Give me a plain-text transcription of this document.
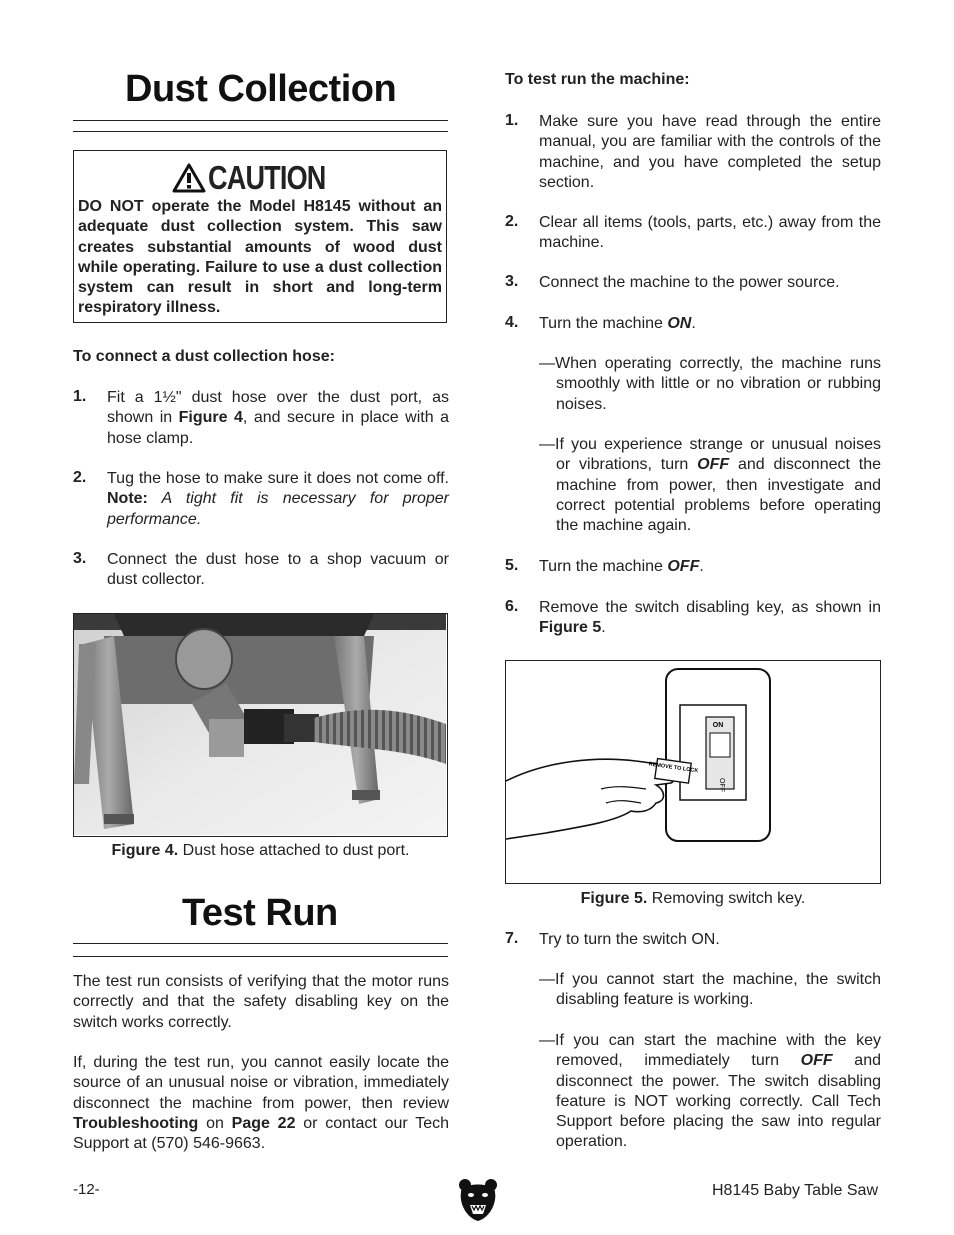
Dust Collection
CAUTION
DO NOT operate the Model H8145 without an adequate dust collection system. This saw creates substantial amounts of wood dust while operating. Failure to use a dust collection system can result in short and long-term respiratory illness.
To connect a dust collection hose:
1. Fit a 1½" dust hose over the dust port, as shown in Figure 4, and secure in place with a hose clamp.
2. Tug the hose to make sure it does not come off. Note: A tight fit is necessary for proper performance.
3. Connect the dust hose to a shop vacuum or dust collector.
Figure 4. Dust hose attached to dust port.
Test Run
The test run consists of verifying that the motor runs correctly and that the safety disabling key on the switch works correctly.
If, during the test run, you cannot easily locate the source of an unusual noise or vibration, immediately disconnect the machine from power, then review Troubleshooting on Page 22 or contact our Tech Support at (570) 546-9663.
-12-
To test run the machine:
1. Make sure you have read through the entire manual, you are familiar with the controls of the machine, and you have completed the setup section.
2. Clear all items (tools, parts, etc.) away from the machine.
3. Connect the machine to the power source.
4. Turn the machine ON.
—When operating correctly, the machine runs smoothly with little or no vibration or rubbing noises.
—If you experience strange or unusual noises or vibrations, turn OFF and disconnect the machine from power, then investigate and correct potential problems before operating the machine again.
5. Turn the machine OFF.
6. Remove the switch disabling key, as shown in Figure 5.
ON
OFF
REMOVE TO LOCK
Figure 5. Removing switch key.
7. Try to turn the switch ON.
—If you cannot start the machine, the switch disabling feature is working.
—If you can start the machine with the key removed, immediately turn OFF and disconnect the power. The switch disabling feature is NOT working correctly. Call Tech Support before placing the saw into regular operation.
H8145 Baby Table Saw
